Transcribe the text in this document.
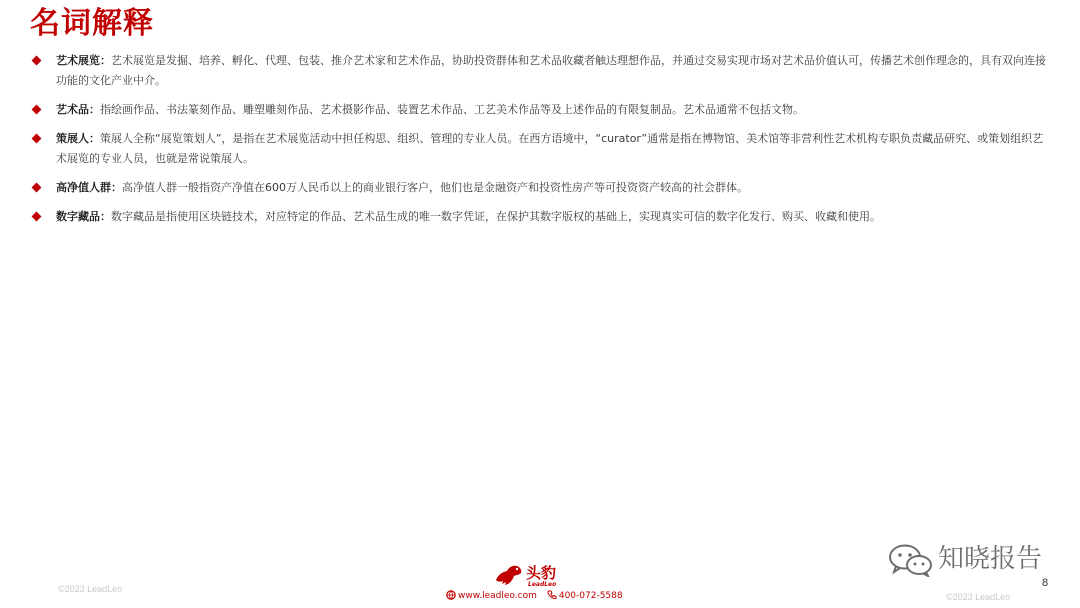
名词解释
艺术展览：艺术展览是发掘、培养、孵化、代理、包装、推介艺术家和艺术作品，协助投资群体和艺术品收藏者触达理想作品，并通过交易实现市场对艺术品价值认可，传播艺术创作理念的，具有双向连接功能的文化产业中介。
艺术品：指绘画作品、书法篆刻作品、雕塑雕刻作品、艺术摄影作品、装置艺术作品、工艺美术作品等及上述作品的有限复制品。艺术品通常不包括文物。
策展人：策展人全称“展览策划人”，是指在艺术展览活动中担任构思、组织、管理的专业人员。在西方语境中，“curator”通常是指在博物馆、美术馆等非营利性艺术机构专职负责藏品研究、或策划组织艺术展览的专业人员，也就是常说策展人。
高净值人群：高净值人群一般指资产净值在600万人民币以上的商业银行客户，他们也是金融资产和投资性房产等可投资资产较高的社会群体。
数字藏品：数字藏品是指使用区块链技术，对应特定的作品、艺术品生成的唯一数字凭证，在保护其数字版权的基础上，实现真实可信的数字化发行、购买、收藏和使用。
©2023 LeadLeo
头豹
LeadLeo
www.leadleo.com 400-072-5588
知晓报告
8
©2023 LeadLeo
